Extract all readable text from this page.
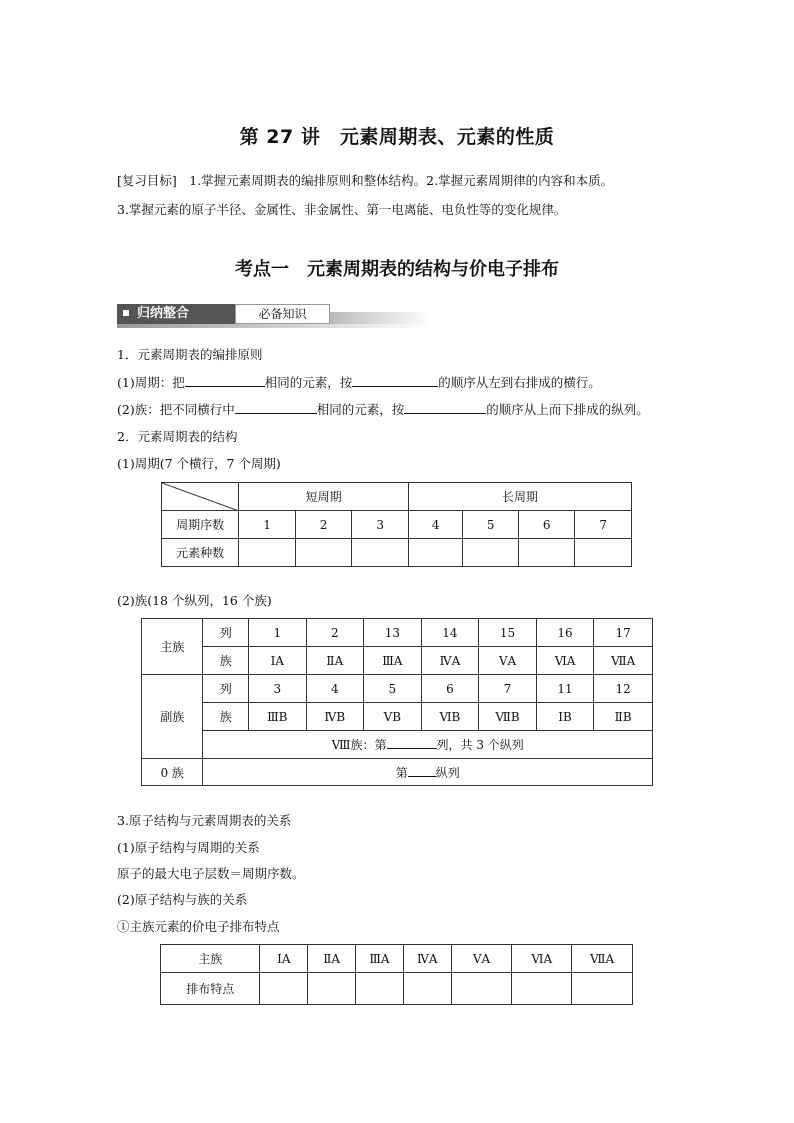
第 27 讲　元素周期表、元素的性质
[复习目标]　1.掌握元素周期表的编排原则和整体结构。2.掌握元素周期律的内容和本质。
3.掌握元素的原子半径、金属性、非金属性、第一电离能、电负性等的变化规律。
考点一　元素周期表的结构与价电子排布
归纳整合	必备知识
1．元素周期表的编排原则
(1)周期：把	相同的元素，按	的顺序从左到右排成的横行。
(2)族：把不同横行中	相同的元素，按	的顺序从上而下排成的纵列。
2．元素周期表的结构
(1)周期(7 个横行，7 个周期)
	短周期			长周期			
周期序数	1	2	3	4	5	6	7
元素种数							
(2)族(18 个纵列，16 个族)
主族	列	1	2	13	14	15	16	17
	族	ⅠA	ⅡA	ⅢA	ⅣA	ⅤA	ⅥA	ⅦA
副族	列	3	4	5	6	7	11	12
	族	ⅢB	ⅣB	ⅤB	ⅥB	ⅦB	ⅠB	ⅡB
	Ⅷ族：第 列，共 3 个纵列							
0 族	第 纵列							
3.原子结构与元素周期表的关系
(1)原子结构与周期的关系
原子的最大电子层数＝周期序数。
(2)原子结构与族的关系
①主族元素的价电子排布特点
主族	ⅠA	ⅡA	ⅢA	ⅣA	ⅤA	ⅥA	ⅦA
排布特点							
